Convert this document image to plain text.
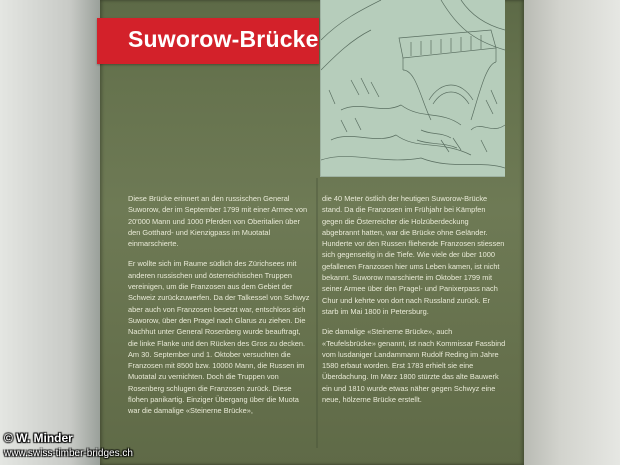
Suworow-Brücke

Diese Brücke erinnert an den russischen General Suworow, der im September 1799 mit einer Armee von 20'000 Mann und 1000 Pferden von Oberitalien über den Gotthard- und Kienzigpass im Muotatal einmarschierte.

Er wollte sich im Raume südlich des Zürichsees mit anderen russischen und österreichischen Truppen vereinigen, um die Franzosen aus dem Gebiet der Schweiz zurückzuwerfen. Da der Talkessel von Schwyz aber auch von Franzosen besetzt war, entschloss sich Suworow, über den Pragel nach Glarus zu ziehen. Die Nachhut unter General Rosenberg wurde beauftragt, die linke Flanke und den Rücken des Gros zu decken. Am 30. September und 1. Oktober versuchten die Franzosen mit 8500 bzw. 10000 Mann, die Russen im Muotatal zu vernichten. Doch die Truppen von Rosenberg schlugen die Franzosen zurück. Diese flohen panikartig. Einziger Übergang über die Muota war die damalige «Steinerne Brücke»,

die 40 Meter östlich der heutigen Suworow-Brücke stand. Da die Franzosen im Frühjahr bei Kämpfen gegen die Österreicher die Holzüberdeckung abgebrannt hatten, war die Brücke ohne Geländer. Hunderte vor den Russen fliehende Franzosen stiessen sich gegenseitig in die Tiefe. Wie viele der über 1000 gefallenen Franzosen hier ums Leben kamen, ist nicht bekannt. Suworow marschierte im Oktober 1799 mit seiner Armee über den Pragel- und Panixerpass nach Chur und kehrte von dort nach Russland zurück. Er starb im Mai 1800 in Petersburg.

Die damalige «Steinerne Brücke», auch «Teufelsbrücke» genannt, ist nach Kommissar Fassbind vom lusdaniger Landammann Rudolf Reding im Jahre 1580 erbaut worden. Erst 1783 erhielt sie eine Überdachung. Im März 1800 stürzte das alte Bauwerk ein und 1810 wurde etwas näher gegen Schwyz eine neue, hölzerne Brücke erstellt.

© W. Minder
www.swiss-timber-bridges.ch
